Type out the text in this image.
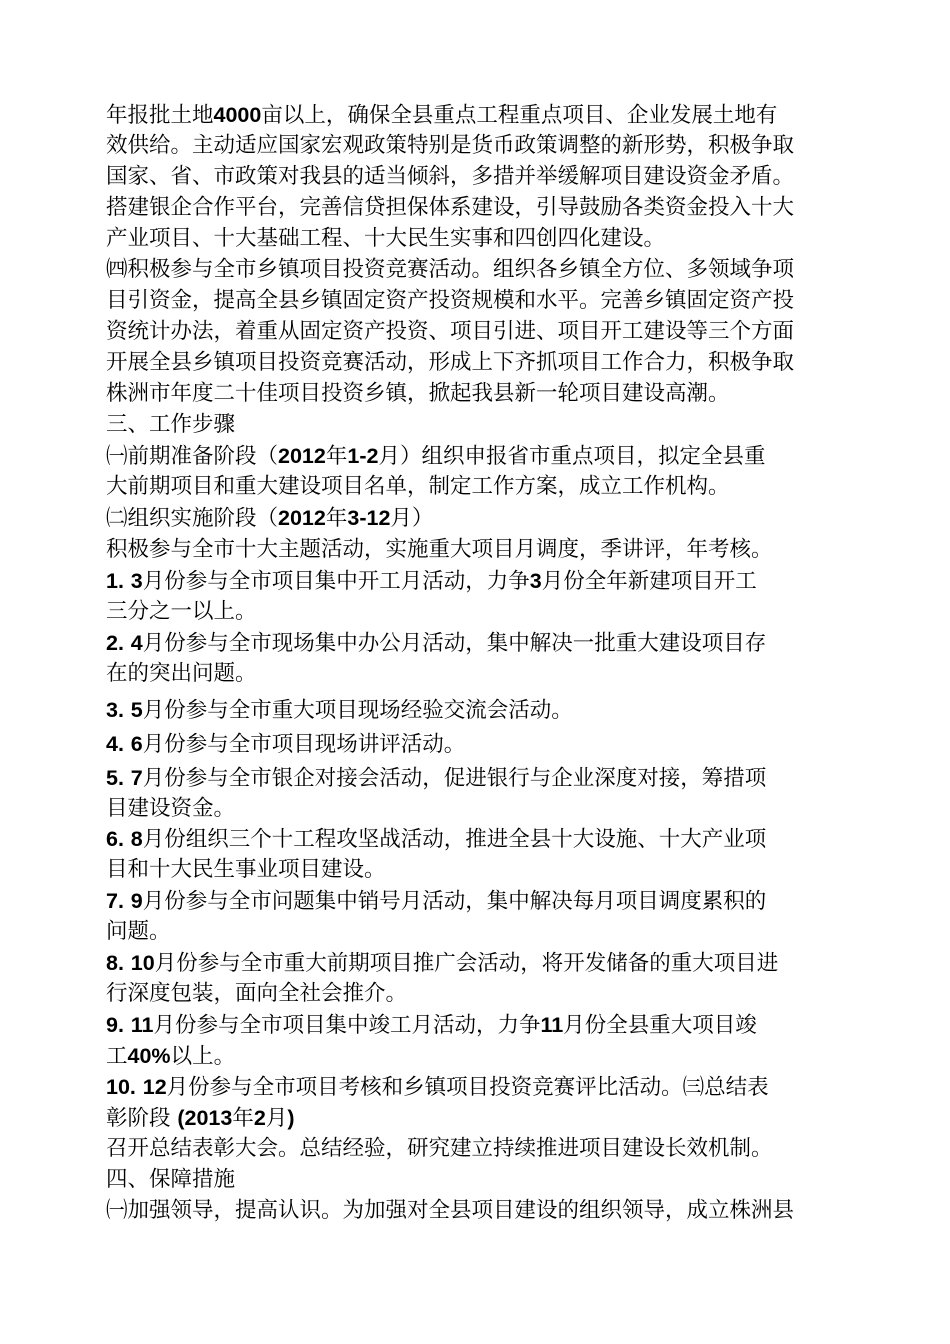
年报批土地4000亩以上，确保全县重点工程重点项目、企业发展土地有
效供给。主动适应国家宏观政策特别是货币政策调整的新形势，积极争取
国家、省、市政策对我县的适当倾斜，多措并举缓解项目建设资金矛盾。
搭建银企合作平台，完善信贷担保体系建设，引导鼓励各类资金投入十大
产业项目、十大基础工程、十大民生实事和四创四化建设。
㈣积极参与全市乡镇项目投资竞赛活动。组织各乡镇全方位、多领域争项
目引资金，提高全县乡镇固定资产投资规模和水平。完善乡镇固定资产投
资统计办法，着重从固定资产投资、项目引进、项目开工建设等三个方面
开展全县乡镇项目投资竞赛活动，形成上下齐抓项目工作合力，积极争取
株洲市年度二十佳项目投资乡镇，掀起我县新一轮项目建设高潮。
三、工作步骤
㈠前期准备阶段（2012年1-2月）组织申报省市重点项目，拟定全县重
大前期项目和重大建设项目名单，制定工作方案，成立工作机构。
㈡组织实施阶段（2012年3-12月）
积极参与全市十大主题活动，实施重大项目月调度，季讲评，年考核。
1. 3月份参与全市项目集中开工月活动，力争3月份全年新建项目开工
三分之一以上。
2. 4月份参与全市现场集中办公月活动，集中解决一批重大建设项目存
在的突出问题。
3. 5月份参与全市重大项目现场经验交流会活动。
4. 6月份参与全市项目现场讲评活动。
5. 7月份参与全市银企对接会活动，促进银行与企业深度对接，筹措项
目建设资金。
6. 8月份组织三个十工程攻坚战活动，推进全县十大设施、十大产业项
目和十大民生事业项目建设。
7. 9月份参与全市问题集中销号月活动，集中解决每月项目调度累积的
问题。
8. 10月份参与全市重大前期项目推广会活动，将开发储备的重大项目进
行深度包装，面向全社会推介。
9. 11月份参与全市项目集中竣工月活动，力争11月份全县重大项目竣
工40%以上。
10. 12月份参与全市项目考核和乡镇项目投资竞赛评比活动。㈢总结表
彰阶段 (2013年2月)
召开总结表彰大会。总结经验，研究建立持续推进项目建设长效机制。
四、保障措施
㈠加强领导，提高认识。为加强对全县项目建设的组织领导，成立株洲县
